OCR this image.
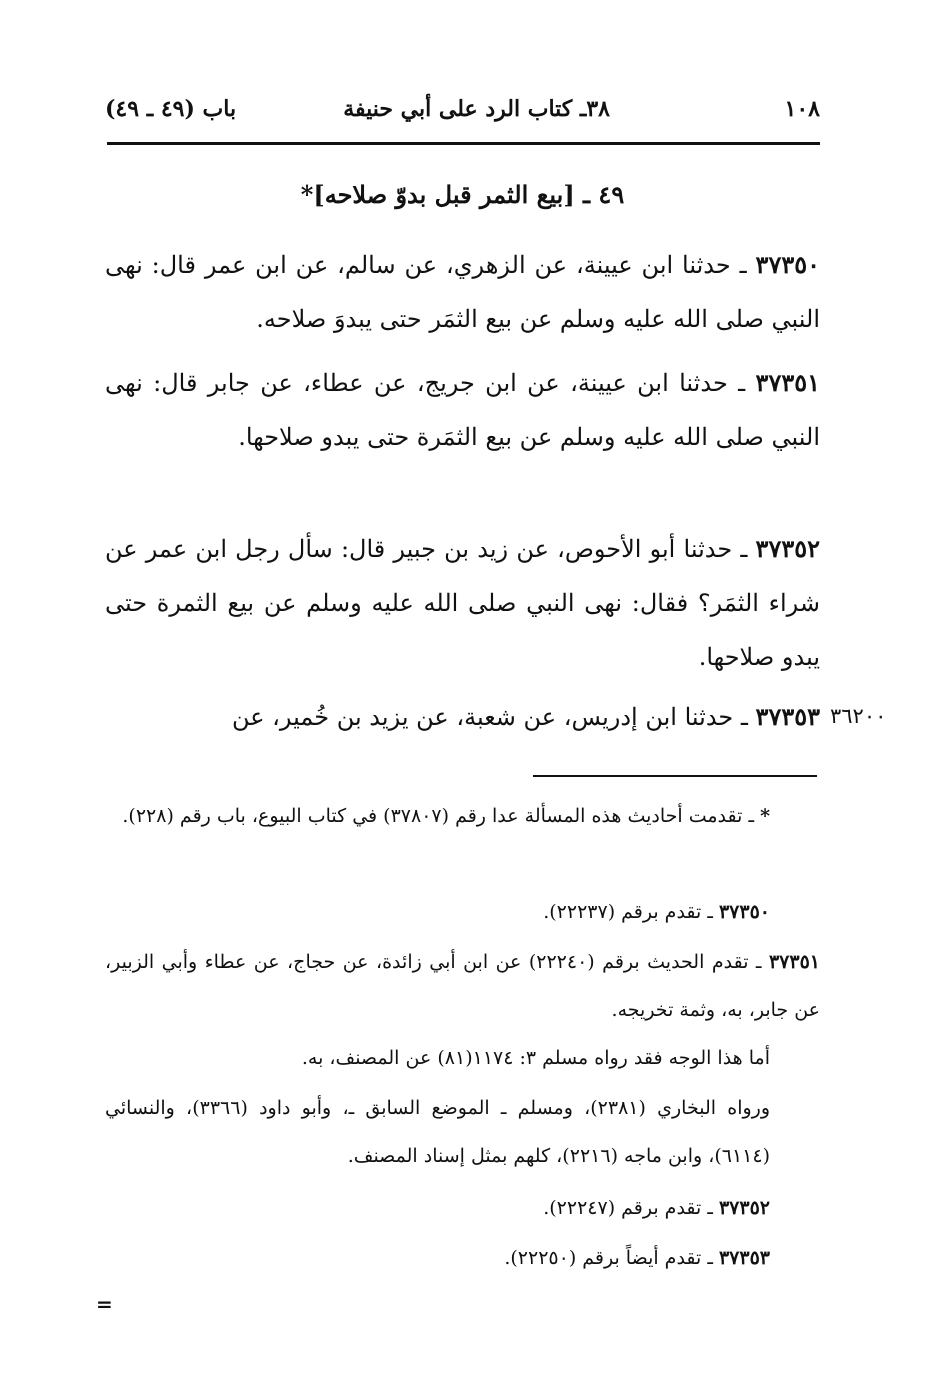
١٠٨
٣٨ـ كتاب الرد على أبي حنيفة
باب (٤٩ ـ ٤٩)
٤٩ ـ [بيع الثمر قبل بدوّ صلاحه]*

٣٧٣٥٠ ـ حدثنا ابن عيينة، عن الزهري، عن سالم، عن ابن عمر قال: نهى النبي صلى الله عليه وسلم عن بيع الثمَر حتى يبدوَ صلاحه.

٣٧٣٥١ ـ حدثنا ابن عيينة، عن ابن جريج، عن عطاء، عن جابر قال: نهى النبي صلى الله عليه وسلم عن بيع الثمَرة حتى يبدو صلاحها.

٣٧٣٥٢ ـ حدثنا أبو الأحوص، عن زيد بن جبير قال: سأل رجل ابن عمر عن شراء الثمَر؟ فقال: نهى النبي صلى الله عليه وسلم عن بيع الثمرة حتى يبدو صلاحها.

٣٧٣٥٣ ـ حدثنا ابن إدريس، عن شعبة، عن يزيد بن خُمير، عن	٣٦٢٠٠

* ـ تقدمت أحاديث هذه المسألة عدا رقم (٣٧٨٠٧) في كتاب البيوع، باب رقم (٢٢٨).

٣٧٣٥٠ ـ تقدم برقم (٢٢٢٣٧).

٣٧٣٥١ ـ تقدم الحديث برقم (٢٢٢٤٠) عن ابن أبي زائدة، عن حجاج، عن عطاء وأبي الزبير، عن جابر، به، وثمة تخريجه.

أما هذا الوجه فقد رواه مسلم ٣: ١١٧٤(٨١) عن المصنف، به.

ورواه البخاري (٢٣٨١)، ومسلم ـ الموضع السابق ـ، وأبو داود (٣٣٦٦)، والنسائي (٦١١٤)، وابن ماجه (٢٢١٦)، كلهم بمثل إسناد المصنف.

٣٧٣٥٢ ـ تقدم برقم (٢٢٢٤٧).

٣٧٣٥٣ ـ تقدم أيضاً برقم (٢٢٢٥٠).

=
